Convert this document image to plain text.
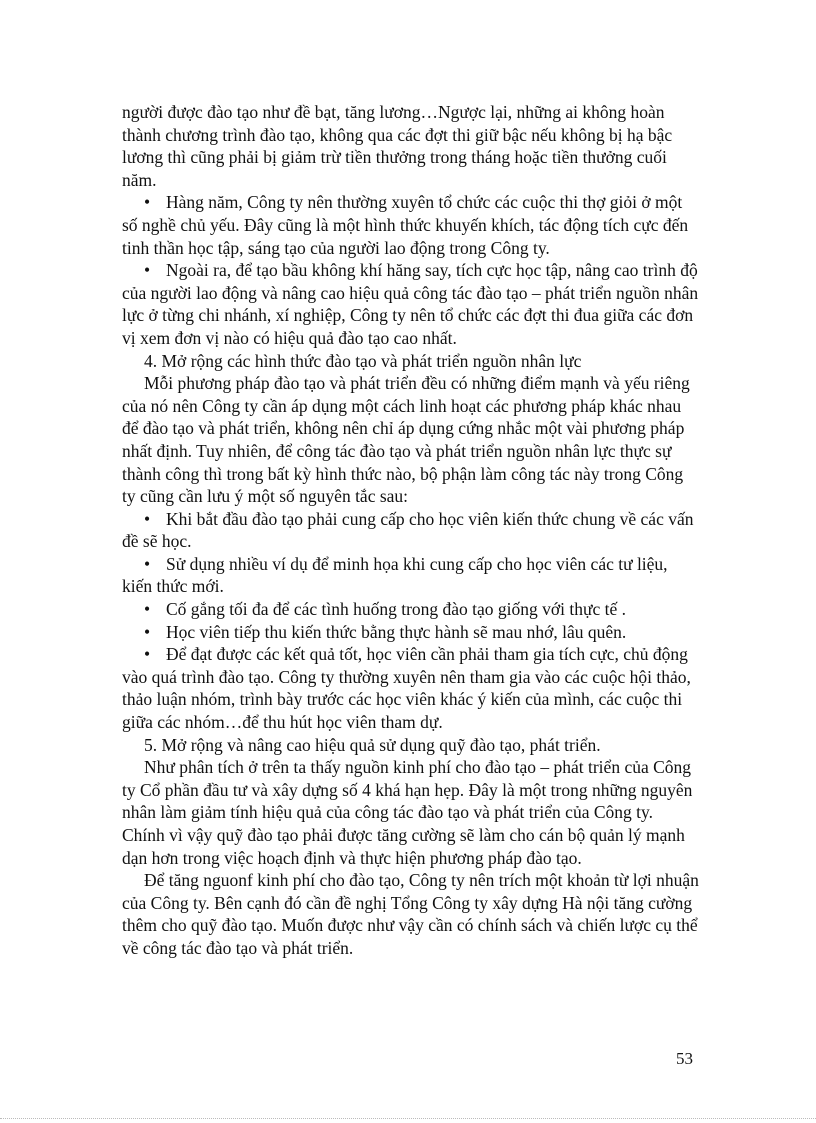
người được đào tạo như đề bạt, tăng lương…Ngược lại, những ai không hoàn thành chương trình đào tạo, không qua các đợt thi giữ bậc nếu không bị hạ bậc lương thì cũng phải bị giảm trừ tiền thưởng trong tháng hoặc tiền thưởng cuối năm.

• Hàng năm, Công ty nên thường xuyên tổ chức các cuộc thi thợ giỏi ở một số nghề chủ yếu. Đây cũng là một hình thức khuyến khích, tác động tích cực đến tinh thần học tập, sáng tạo của người lao động trong Công ty.

• Ngoài ra, để tạo bầu không khí hăng say, tích cực học tập, nâng cao trình độ của người lao động và nâng cao hiệu quả công tác đào tạo – phát triển nguồn nhân lực ở từng chi nhánh, xí nghiệp, Công ty nên tổ chức các đợt thi đua giữa các đơn vị xem đơn vị nào có hiệu quả đào tạo cao nhất.

4. Mở rộng các hình thức đào tạo và phát triển nguồn nhân lực

Mỗi phương pháp đào tạo và phát triển đều có những điểm mạnh và yếu riêng của nó nên Công ty cần áp dụng một cách linh hoạt các phương pháp khác nhau để đào tạo và phát triển, không nên chỉ áp dụng cứng nhắc một vài phương pháp nhất định. Tuy nhiên, để công tác đào tạo và phát triển nguồn nhân lực thực sự thành công thì trong bất kỳ hình thức nào, bộ phận làm công tác này trong Công ty cũng cần lưu ý một số nguyên tắc sau:

• Khi bắt đầu đào tạo phải cung cấp cho học viên kiến thức chung về các vấn đề sẽ học.

• Sử dụng nhiều ví dụ để minh họa khi cung cấp cho học viên các tư liệu, kiến thức mới.

• Cố gắng tối đa để các tình huống trong đào tạo giống với thực tế .

• Học viên tiếp thu kiến thức bằng thực hành sẽ mau nhớ, lâu quên.

• Để đạt được các kết quả tốt, học viên cần phải tham gia tích cực, chủ động vào quá trình đào tạo. Công ty thường xuyên nên tham gia vào các cuộc hội thảo, thảo luận nhóm, trình bày trước các học viên khác ý kiến của mình, các cuộc thi giữa các nhóm…để thu hút học viên tham dự.

5. Mở rộng và nâng cao hiệu quả sử dụng quỹ đào tạo, phát triển.

Như phân tích ở trên ta thấy nguồn kinh phí cho đào tạo – phát triển của Công ty Cổ phần đầu tư và xây dựng số 4 khá hạn hẹp. Đây là một trong những nguyên nhân làm giảm tính hiệu quả của công tác đào tạo và phát triển của Công ty. Chính vì vậy quỹ đào tạo phải được tăng cường sẽ làm cho cán bộ quản lý mạnh dạn hơn trong việc hoạch định và thực hiện phương pháp đào tạo.

Để tăng nguonf kinh phí cho đào tạo, Công ty nên trích một khoản từ lợi nhuận của Công ty. Bên cạnh đó cần đề nghị Tổng Công ty xây dựng Hà nội tăng cường thêm cho quỹ đào tạo. Muốn được như vậy cần có chính sách và chiến lược cụ thể về công tác đào tạo và phát triển.

53
